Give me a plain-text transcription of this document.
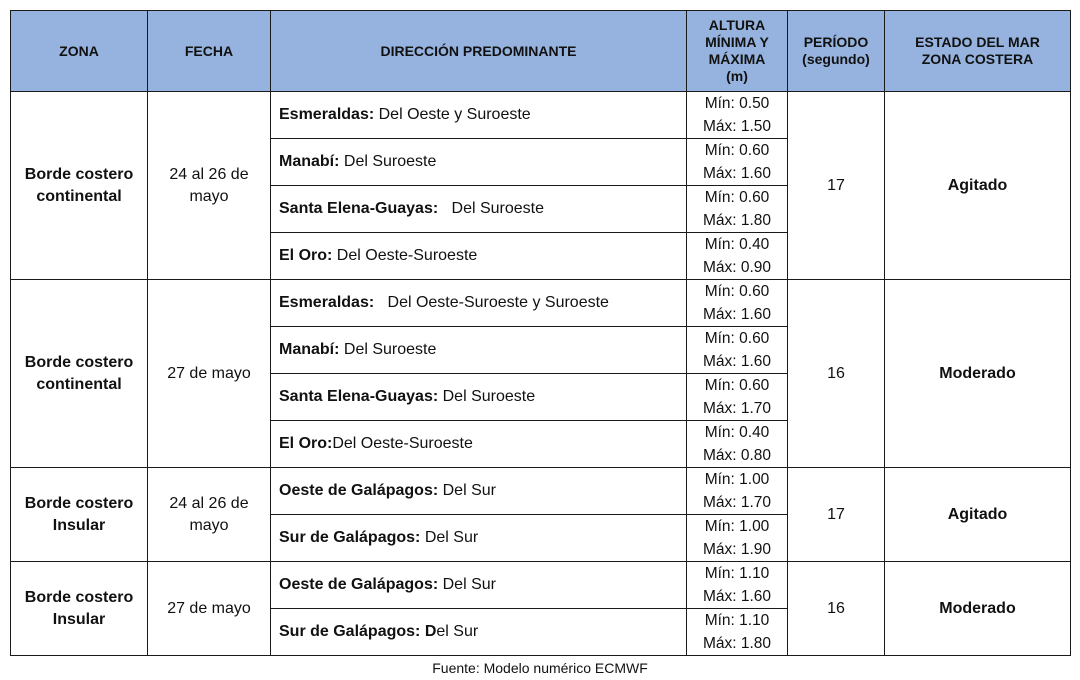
ZONA	FECHA	DIRECCIÓN PREDOMINANTE	ALTURA
MÍNIMA Y
MÁXIMA
(m)	PERÍODO
(segundo)	ESTADO DEL MAR
ZONA COSTERA
Borde costero
continental	24 al 26 de
mayo	Esmeraldas: Del Oeste y Suroeste	Mín: 0.50
Máx: 1.50	17	Agitado
		Manabí: Del Suroeste	Mín: 0.60
Máx: 1.60		
		Santa Elena-Guayas:   Del Suroeste	Mín: 0.60
Máx: 1.80		
		El Oro: Del Oeste-Suroeste	Mín: 0.40
Máx: 0.90		
Borde costero
continental	27 de mayo	Esmeraldas:   Del Oeste-Suroeste y Suroeste	Mín: 0.60
Máx: 1.60	16	Moderado
		Manabí: Del Suroeste	Mín: 0.60
Máx: 1.60		
		Santa Elena-Guayas: Del Suroeste	Mín: 0.60
Máx: 1.70		
		El Oro:Del Oeste-Suroeste	Mín: 0.40
Máx: 0.80		
Borde costero
Insular	24 al 26 de
mayo	Oeste de Galápagos: Del Sur	Mín: 1.00
Máx: 1.70	17	Agitado
		Sur de Galápagos: Del Sur	Mín: 1.00
Máx: 1.90		
Borde costero
Insular	27 de mayo	Oeste de Galápagos: Del Sur	Mín: 1.10
Máx: 1.60	16	Moderado
		Sur de Galápagos: Del Sur	Mín: 1.10
Máx: 1.80		
Fuente: Modelo numérico ECMWF
